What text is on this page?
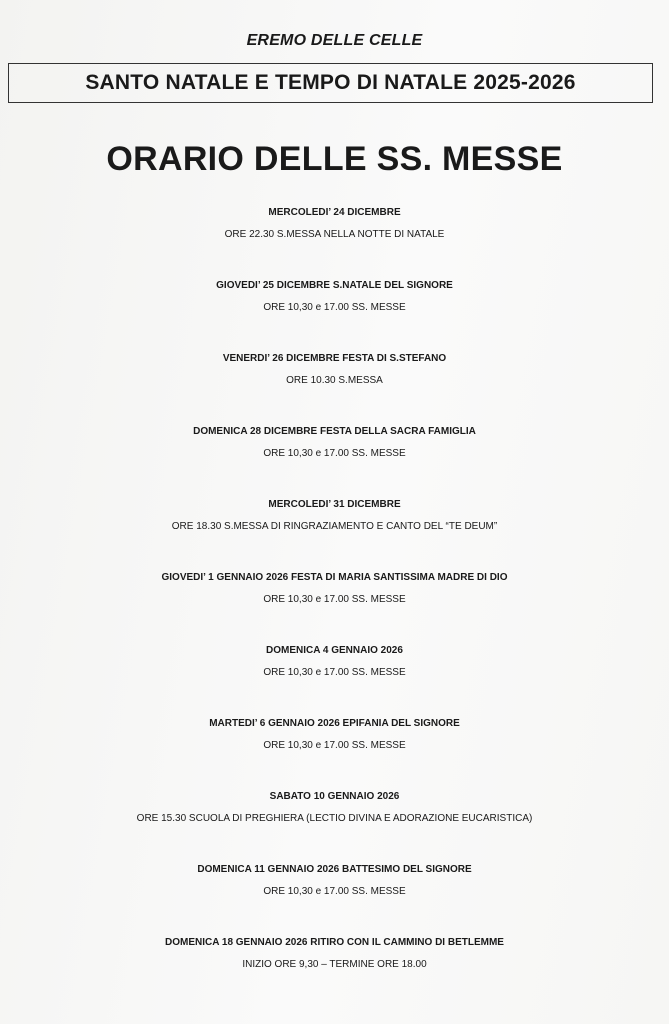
EREMO DELLE CELLE
SANTO NATALE E TEMPO DI NATALE 2025-2026
ORARIO DELLE SS. MESSE
MERCOLEDI’ 24 DICEMBRE
ORE 22.30 S.MESSA NELLA NOTTE DI NATALE
GIOVEDI’ 25 DICEMBRE S.NATALE DEL SIGNORE
ORE 10,30 e 17.00 SS. MESSE
VENERDI’ 26 DICEMBRE FESTA DI S.STEFANO
ORE 10.30 S.MESSA
DOMENICA 28 DICEMBRE FESTA DELLA SACRA FAMIGLIA
ORE 10,30 e 17.00 SS. MESSE
MERCOLEDI’ 31 DICEMBRE
ORE 18.30 S.MESSA DI RINGRAZIAMENTO E CANTO DEL “TE DEUM”
GIOVEDI’ 1 GENNAIO 2026 FESTA DI MARIA SANTISSIMA MADRE DI DIO
ORE 10,30 e 17.00 SS. MESSE
DOMENICA 4 GENNAIO 2026
ORE 10,30 e 17.00 SS. MESSE
MARTEDI’ 6 GENNAIO 2026 EPIFANIA DEL SIGNORE
ORE 10,30 e 17.00 SS. MESSE
SABATO 10 GENNAIO 2026
ORE 15.30 SCUOLA DI PREGHIERA (LECTIO DIVINA E ADORAZIONE EUCARISTICA)
DOMENICA 11 GENNAIO 2026 BATTESIMO DEL SIGNORE
ORE 10,30 e 17.00 SS. MESSE
DOMENICA 18 GENNAIO 2026 RITIRO CON IL CAMMINO DI BETLEMME
INIZIO ORE 9,30 – TERMINE ORE 18.00
